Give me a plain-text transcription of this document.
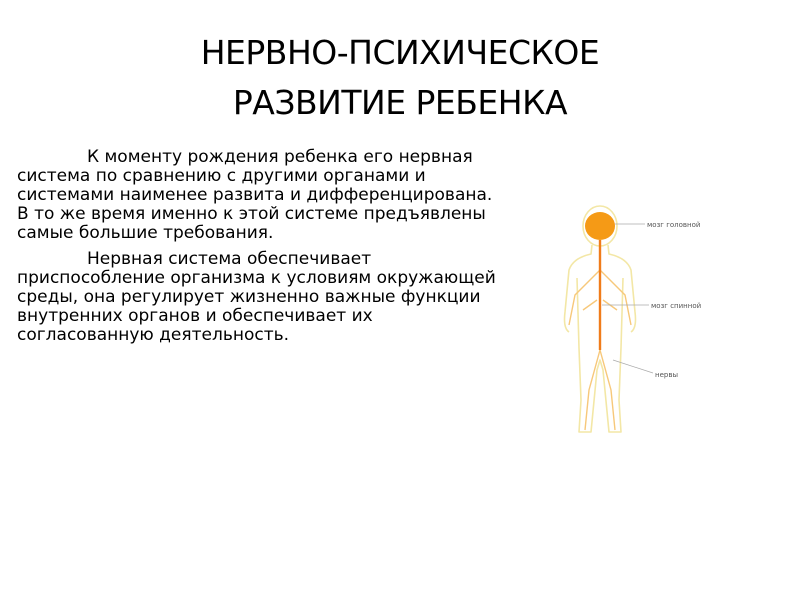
НЕРВНО-ПСИХИЧЕСКОЕ
РАЗВИТИЕ РЕБЕНКА

К моменту рождения ребенка его нервная система по сравнению с другими органами и системами наименее развита и дифференцирована. В то же время именно к этой системе предъявлены самые большие требования.

Нервная система обеспечивает приспособление организма к условиям окружающей среды, она регулирует жизненно важные функции внутренних органов и обеспечивает их согласованную деятельность.

мозг головной
мозг спинной
нервы
